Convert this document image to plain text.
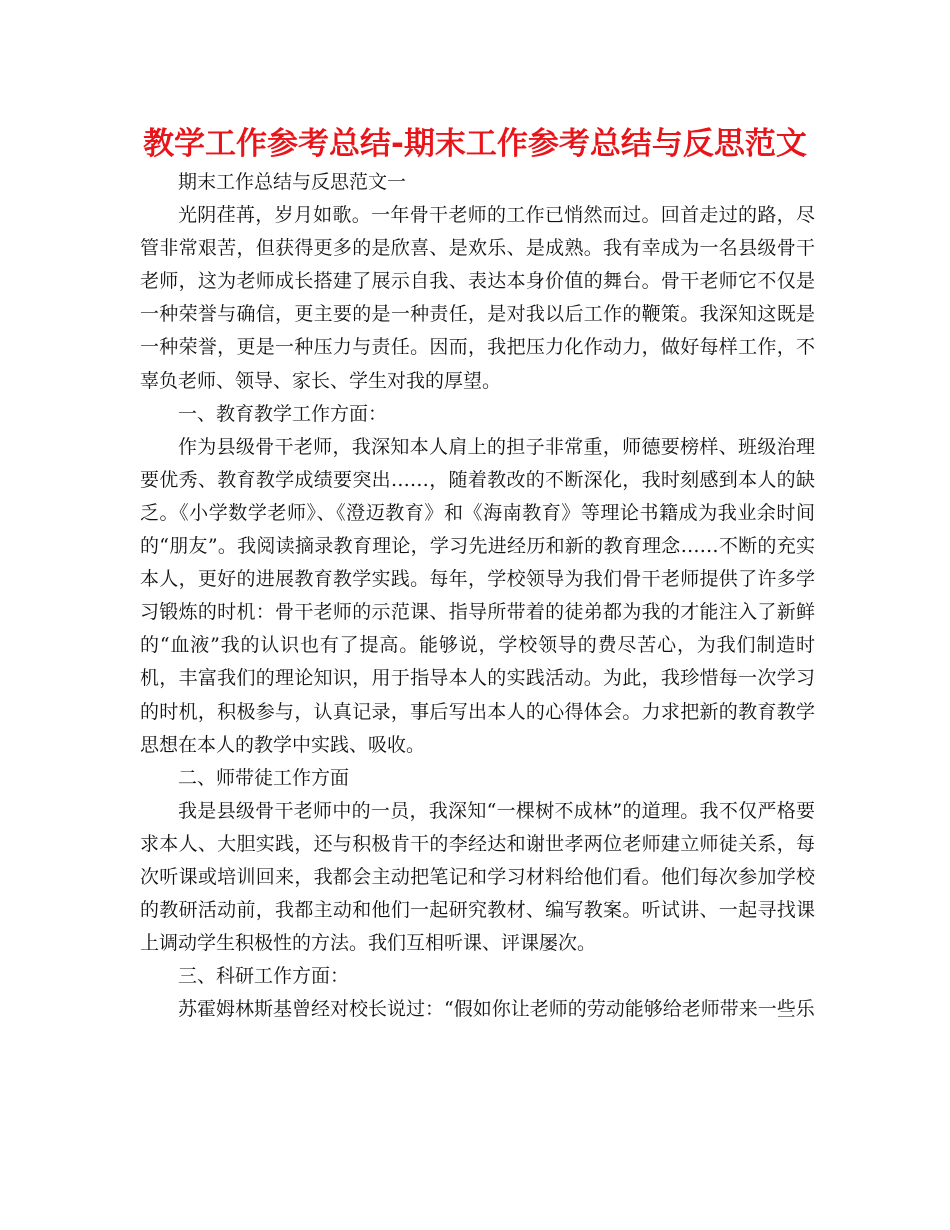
教学工作参考总结-期末工作参考总结与反思范文

期末工作总结与反思范文一

光阴荏苒，岁月如歌。一年骨干老师的工作已悄然而过。回首走过的路，尽管非常艰苦，但获得更多的是欣喜、是欢乐、是成熟。我有幸成为一名县级骨干老师，这为老师成长搭建了展示自我、表达本身价值的舞台。骨干老师它不仅是一种荣誉与确信，更主要的是一种责任，是对我以后工作的鞭策。我深知这既是一种荣誉，更是一种压力与责任。因而，我把压力化作动力，做好每样工作，不辜负老师、领导、家长、学生对我的厚望。

一、教育教学工作方面：

作为县级骨干老师，我深知本人肩上的担子非常重，师德要榜样、班级治理要优秀、教育教学成绩要突出……，随着教改的不断深化，我时刻感到本人的缺乏。《小学数学老师》、《澄迈教育》和《海南教育》等理论书籍成为我业余时间的“朋友”。我阅读摘录教育理论，学习先进经历和新的教育理念……不断的充实本人，更好的进展教育教学实践。每年，学校领导为我们骨干老师提供了许多学习锻炼的时机：骨干老师的示范课、指导所带着的徒弟都为我的才能注入了新鲜的“血液”我的认识也有了提高。能够说，学校领导的费尽苦心，为我们制造时机，丰富我们的理论知识，用于指导本人的实践活动。为此，我珍惜每一次学习的时机，积极参与，认真记录，事后写出本人的心得体会。力求把新的教育教学思想在本人的教学中实践、吸收。

二、师带徒工作方面

我是县级骨干老师中的一员，我深知“一棵树不成林”的道理。我不仅严格要求本人、大胆实践，还与积极肯干的李经达和谢世孝两位老师建立师徒关系，每次听课或培训回来，我都会主动把笔记和学习材料给他们看。他们每次参加学校的教研活动前，我都主动和他们一起研究教材、编写教案。听试讲、一起寻找课上调动学生积极性的方法。我们互相听课、评课屡次。

三、科研工作方面：

苏霍姆林斯基曾经对校长说过：“假如你让老师的劳动能够给老师带来一些乐
